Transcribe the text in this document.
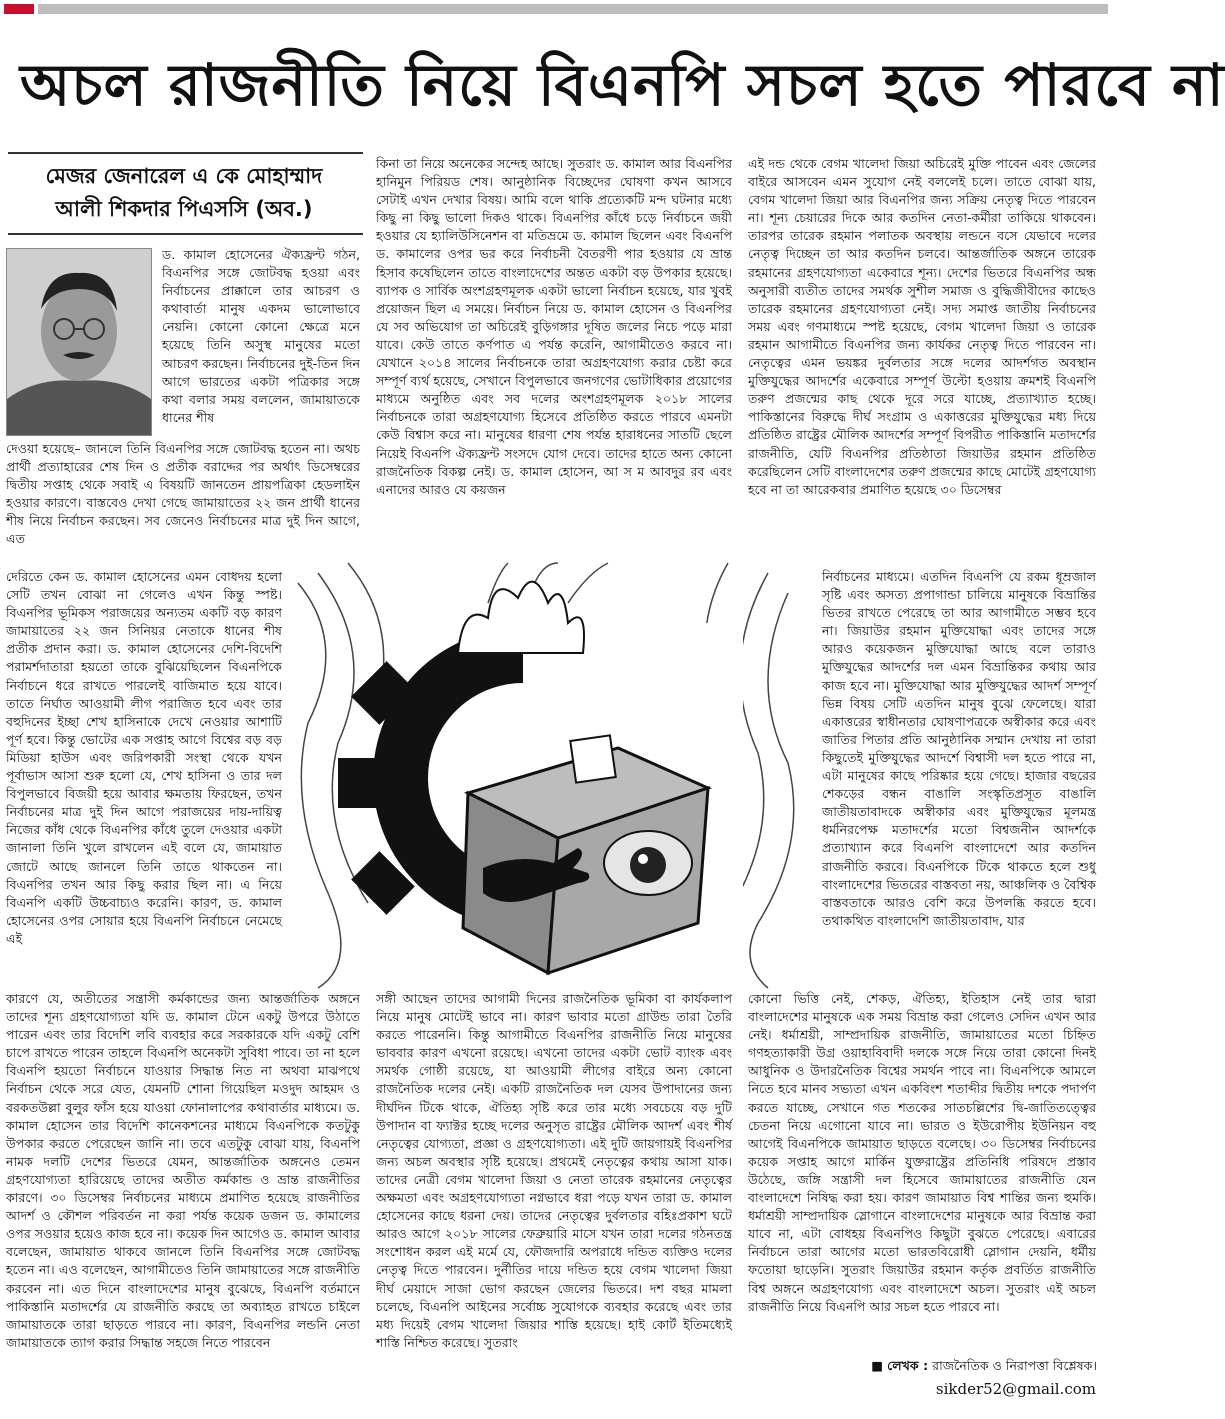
অচল রাজনীতি নিয়ে বিএনপি সচল হতে পারবে না
মেজর জেনারেল এ কে মোহাম্মাদ
আলী শিকদার পিএসসি (অব.)

ড. কামাল হোসেনের ঐক্যফ্রন্ট গঠন, বিএনপির সঙ্গে জোটবদ্ধ হওয়া এবং নির্বাচনের প্রাক্কালে তার আচরণ ও কথাবার্তা মানুষ একদম ভালোভাবে নেয়নি। কোনো কোনো ক্ষেত্রে মনে হয়েছে তিনি অসুস্থ মানুষের মতো আচরণ করছেন। নির্বাচনের দুই-তিন দিন আগে ভারতের একটা পত্রিকার সঙ্গে কথা বলার সময় বললেন, জামায়াতকে ধানের শীষ

দেওয়া হয়েছে– জানলে তিনি বিএনপির সঙ্গে জোটবদ্ধ হতেন না। অথচ প্রার্থী প্রত্যাহারের শেষ দিন ও প্রতীক বরাদ্দের পর অর্থাৎ ডিসেম্বরের দ্বিতীয় সপ্তাহ থেকে সবাই এ বিষয়টি জানতেন প্রায়পত্রিকা হেডলাইন হওয়ার কারণে। বাস্তবেও দেখা গেছে জামায়াতের ২২ জন প্রার্থী ধানের শীষ নিয়ে নির্বাচন করছেন। সব জেনেও নির্বাচনের মাত্র দুই দিন আগে, এত

দেরিতে কেন ড. কামাল হোসেনের এমন বোধদয় হলো সেটি তখন বোঝা না গেলেও এখন কিন্তু স্পষ্ট। বিএনপির ভূমিকস পরাজয়ের অন্যতম একটি বড় কারণ জামায়াতের ২২ জন সিনিয়র নেতাকে ধানের শীষ প্রতীক প্রদান করা। ড. কামাল হোসেনের দেশি-বিদেশি পরামর্শদাতারা হয়তো তাকে বুঝিয়েছিলেন বিএনপিকে নির্বাচনে ধরে রাখতে পারলেই বাজিমাত হয়ে যাবে। তাতে নির্ঘাত আওয়ামী লীগ পরাজিত হবে এবং তার বহুদিনের ইচ্ছা শেখ হাসিনাকে দেখে নেওয়ার আশাটি পূর্ণ হবে। কিন্তু ভোটের এক সপ্তাহ আগে বিশ্বের বড় বড় মিডিয়া হাউস এবং জরিপকারী সংস্থা থেকে যখন পূর্বাভাস আসা শুরু হলো যে, শেখ হাসিনা ও তার দল বিপুলভাবে বিজয়ী হয়ে আবার ক্ষমতায় ফিরছেন, তখন নির্বাচনের মাত্র দুই দিন আগে পরাজয়ের দায়-দায়িত্ব নিজের কাঁধ থেকে বিএনপির কাঁধে তুলে দেওয়ার একটা জানালা তিনি খুলে রাখলেন এই বলে যে, জামায়াত জোটে আছে জানলে তিনি তাতে থাকতেন না। বিএনপির তখন আর কিছু করার ছিল না। এ নিয়ে বিএনপি একটি উচ্চবাচ্যও করেনি। কারণ, ড. কামাল হোসেনের ওপর সোয়ার হয়ে বিএনপি নির্বাচনে নেমেছে এই

কারণে যে, অতীতের সন্ত্রাসী কর্মকান্ডের জন্য আন্তর্জাতিক অঙ্গনে তাদের শূন্য গ্রহণযোগ্যতা যদি ড. কামাল টেনে একটু উপরে উঠাতে পারেন এবং তার বিদেশি লবি ব্যবহার করে সরকারকে যদি একটু বেশি চাপে রাখতে পারেন তাহলে বিএনপি অনেকটা সুবিধা পাবে। তা না হলে বিএনপি হয়তো নির্বাচনে যাওয়ার সিদ্ধান্ত নিত না অথবা মাঝপথে নির্বাচন থেকে সরে যেত, যেমনটি শোনা গিয়েছিল মওদুদ আহমদ ও বরকতউল্লা বুলুর ফাঁস হয়ে যাওয়া ফোনালাপের কথাবার্তার মাধ্যমে। ড. কামাল হোসেন তার বিদেশি কানেকশনের মাধ্যমে বিএনপিকে কতটুকু উপকার করতে পেরেছেন জানি না। তবে এতটুকু বোঝা যায়, বিএনপি নামক দলটি দেশের ভিতরে যেমন, আন্তর্জাতিক অঙ্গনেও তেমন গ্রহণযোগ্যতা হারিয়েছে তাদের অতীত কর্মকান্ড ও ভ্রান্ত রাজনীতির কারণে। ৩০ ডিসেম্বর নির্বাচনের মাধ্যমে প্রমাণিত হয়েছে রাজনীতির আদর্শ ও কৌশল পরিবর্তন না করা পর্যন্ত কয়েক ডজন ড. কামালের ওপর সওয়ার হয়েও কাজ হবে না। কয়েক দিন আগেও ড. কামাল আবার বলেছেন, জামায়াত থাকবে জানলে তিনি বিএনপির সঙ্গে জোটবদ্ধ হতেন না। এও বলেছেন, আগামীতেও তিনি জামায়াতের সঙ্গে রাজনীতি করবেন না। এত দিনে বাংলাদেশের মানুষ বুঝেছে, বিএনপি বর্তমানে পাকিস্তানি মতাদর্শের যে রাজনীতি করছে তা অব্যাহত রাখতে চাইলে জামায়াতকে তারা ছাড়তে পারবে না। কারণ, বিএনপির লন্ডনি নেতা জামায়াতকে ত্যাগ করার সিদ্ধান্ত সহজে নিতে পারবেন

কিনা তা নিয়ে অনেকের সন্দেহ আছে। সুতরাং ড. কামাল আর বিএনপির হানিমুন পিরিয়ড শেষ। আনুষ্ঠানিক বিচ্ছেদের ঘোষণা কখন আসবে সেটাই এখন দেখার বিষয়। আমি বলে থাকি প্রত্যেকটি মন্দ ঘটনার মধ্যে কিছু না কিছু ভালো দিকও থাকে। বিএনপির কাঁধে চড়ে নির্বাচনে জয়ী হওয়ার যে হ্যালিউসিনেশন বা মতিভ্রমে ড. কামাল ছিলেন এবং বিএনপি ড. কামালের ওপর ভর করে নির্বাচনী বৈতরণী পার হওয়ার যে ভ্রান্ত হিসাব কষেছিলেন তাতে বাংলাদেশের অন্তত একটা বড় উপকার হয়েছে। ব্যাপক ও সার্বিক অংশগ্রহণমূলক একটা ভালো নির্বাচন হয়েছে, যার খুবই প্রয়োজন ছিল এ সময়ে। নির্বাচন নিয়ে ড. কামাল হোসেন ও বিএনপির যে সব অভিযোগ তা অচিরেই বুড়িগঙ্গার দূষিত জলের নিচে পড়ে মারা যাবে। কেউ তাতে কর্ণপাত এ পর্যন্ত করেনি, আগামীতেও করবে না। যেখানে ২০১৪ সালের নির্বাচনকে তারা অগ্রহণযোগ্য করার চেষ্টা করে সম্পূর্ণ ব্যর্থ হয়েছে, সেখানে বিপুলভাবে জনগণের ভোটাধিকার প্রয়োগের মাধ্যমে অনুষ্ঠিত এবং সব দলের অংশগ্রহণমূলক ২০১৮ সালের নির্বাচনকে তারা অগ্রহণযোগ্য হিসেবে প্রতিষ্ঠিত করতে পারবে এমনটা কেউ বিশ্বাস করে না। মানুষের ধারণা শেষ পর্যন্ত হারাধনের সাতটি ছেলে নিয়েই বিএনপি ঐক্যফ্রন্ট সংসদে যোগ দেবে। তাদের হাতে অন্য কোনো রাজনৈতিক বিকল্প নেই। ড. কামাল হোসেন, আ স ম আবদুর রব এবং এনাদের আরও যে কয়জন

সঙ্গী আছেন তাদের আগামী দিনের রাজনৈতিক ভূমিকা বা কার্যকলাপ নিয়ে মানুষ মোটেই ভাবে না। কারণ ভাবার মতো গ্রাউন্ড তারা তৈরি করতে পারেননি। কিন্তু আগামীতে বিএনপির রাজনীতি নিয়ে মানুষের ভাববার কারণ এখনো রয়েছে। এখনো তাদের একটা ভোট ব্যাংক এবং সমর্থক গোষ্ঠী রয়েছে, যা আওয়ামী লীগের বাইরে অন্য কোনো রাজনৈতিক দলের নেই। একটি রাজনৈতিক দল যেসব উপাদানের জন্য দীর্ঘদিন টিকে থাকে, ঐতিহ্য সৃষ্টি করে তার মধ্যে সবচেয়ে বড় দুটি উপাদান বা ফ্যাক্টর হচ্ছে দলের অনুসৃত রাষ্ট্রের মৌলিক আদর্শ এবং শীর্ষ নেতৃত্বের যোগ্যতা, প্রজ্ঞা ও গ্রহণযোগ্যতা। এই দুটি জায়গায়ই বিএনপির জন্য অচল অবস্থার সৃষ্টি হয়েছে। প্রথমেই নেতৃত্বের কথায় আসা যাক। তাদের নেত্রী বেগম খালেদা জিয়া ও নেতা তারেক রহমানের নেতৃত্বের অক্ষমতা এবং অগ্রহণযোগ্যতা নগ্নভাবে ধরা পড়ে যখন তারা ড. কামাল হোসেনের কাছে ধরনা দেয়। তাদের নেতৃত্বের দুর্বলতার বহিঃপ্রকাশ ঘটে আরও আগে ২০১৮ সালের ফেব্রুয়ারি মাসে যখন তারা দলের গঠনতন্ত্র সংশোধন করল এই মর্মে যে, ফৌজদারি অপরাধে দন্ডিত ব্যক্তিও দলের নেতৃত্ব দিতে পারবেন। দুর্নীতির দায়ে দন্ডিত হয়ে বেগম খালেদা জিয়া দীর্ঘ মেয়াদে সাজা ভোগ করছেন জেলের ভিতরে। দশ বছর মামলা চলেছে, বিএনপি আইনের সর্বোচ্চ সুযোগকে ব্যবহার করেছে এবং তার মধ্য দিয়েই বেগম খালেদা জিয়ার শাস্তি হয়েছে। হাই কোর্ট ইতিমধ্যেই শাস্তি নিশ্চিত করেছে। সুতরাং

এই দন্ড থেকে বেগম খালেদা জিয়া অচিরেই মুক্তি পাবেন এবং জেলের বাইরে আসবেন এমন সুযোগ নেই বললেই চলে। তাতে বোঝা যায়, বেগম খালেদা জিয়া আর বিএনপির জন্য সক্রিয় নেতৃত্ব দিতে পারবেন না। শূন্য চেয়ারের দিকে আর কতদিন নেতা-কর্মীরা তাকিয়ে থাকবেন। তারপর তারেক রহমান পলাতক অবস্থায় লন্ডনে বসে যেভাবে দলের নেতৃত্ব দিচ্ছেন তা আর কতদিন চলবে। আন্তর্জাতিক অঙ্গনে তারেক রহমানের গ্রহণযোগ্যতা একেবারে শূন্য। দেশের ভিতরে বিএনপির অন্ধ অনুসারী ব্যতীত তাদের সমর্থক সুশীল সমাজ ও বুদ্ধিজীবীদের কাছেও তারেক রহমানের গ্রহণযোগ্যতা নেই। সদ্য সমাপ্ত জাতীয় নির্বাচনের সময় এবং গণমাধ্যমে স্পষ্ট হয়েছে, বেগম খালেদা জিয়া ও তারেক রহমান আগামীতে বিএনপির জন্য কার্যকর নেতৃত্ব দিতে পারবেন না। নেতৃত্বের এমন ভয়ঙ্কর দুর্বলতার সঙ্গে দলের আদর্শগত অবস্থান মুক্তিযুদ্ধের আদর্শের একেবারে সম্পূর্ণ উল্টো হওয়ায় ক্রমশই বিএনপি তরুণ প্রজন্মের কাছ থেকে দূরে সরে যাচ্ছে, প্রত্যাখ্যাত হচ্ছে। পাকিস্তানের বিরুদ্ধে দীর্ঘ সংগ্রাম ও একাত্তরের মুক্তিযুদ্ধের মধ্য দিয়ে প্রতিষ্ঠিত রাষ্ট্রের মৌলিক আদর্শের সম্পূর্ণ বিপরীত পাকিস্তানি মতাদর্শের রাজনীতি, যেটি বিএনপির প্রতিষ্ঠাতা জিয়াউর রহমান প্রতিষ্ঠিত করেছিলেন সেটি বাংলাদেশের তরুণ প্রজন্মের কাছে মোটেই গ্রহণযোগ্য হবে না তা আরেকবার প্রমাণিত হয়েছে ৩০ ডিসেম্বর

নির্বাচনের মাধ্যমে। এতদিন বিএনপি যে রকম ধূম্রজাল সৃষ্টি এবং অসত্য প্রপাগান্ডা চালিয়ে মানুষকে বিভ্রান্তির ভিতর রাখতে পেরেছে তা আর আগামীতে সম্ভব হবে না। জিয়াউর রহমান মুক্তিযোদ্ধা এবং তাদের সঙ্গে আরও কয়েকজন মুক্তিযোদ্ধা আছে বলে তারাও মুক্তিযুদ্ধের আদর্শের দল এমন বিভ্রান্তিকর কথায় আর কাজ হবে না। মুক্তিযোদ্ধা আর মুক্তিযুদ্ধের আদর্শ সম্পূর্ণ ভিন্ন বিষয় সেটি এতদিন মানুষ বুঝে ফেলেছে। যারা একাত্তরের স্বাধীনতার ঘোষণাপত্রকে অস্বীকার করে এবং জাতির পিতার প্রতি আনুষ্ঠানিক সম্মান দেখায় না তারা কিছুতেই মুক্তিযুদ্ধের আদর্শে বিশ্বাসী দল হতে পারে না, এটা মানুষের কাছে পরিষ্কার হয়ে গেছে। হাজার বছরের শেকড়ের বন্ধন বাঙালি সংস্কৃতিপ্রসূত বাঙালি জাতীয়তাবাদকে অস্বীকার এবং মুক্তিযুদ্ধের মূলমন্ত্র ধর্মনিরপেক্ষ মতাদর্শের মতো বিশ্বজনীন আদর্শকে প্রত্যাখ্যান করে বিএনপি বাংলাদেশে আর কতদিন রাজনীতি করবে। বিএনপিকে টিকে থাকতে হলে শুধু বাংলাদেশের ভিতরের বাস্তবতা নয়, আঞ্চলিক ও বৈশ্বিক বাস্তবতাকে আরও বেশি করে উপলব্ধি করতে হবে। তথাকথিত বাংলাদেশি জাতীয়তাবাদ, যার

কোনো ভিত্তি নেই, শেকড়, ঐতিহ্য, ইতিহাস নেই তার দ্বারা বাংলাদেশের মানুষকে এক সময় বিভ্রান্ত করা গেলেও সেদিন এখন আর নেই। ধর্মাশ্রয়ী, সাম্প্রদায়িক রাজনীতি, জামায়াতের মতো চিহ্নিত গণহত্যাকারী উগ্র ওয়াহাবিবাদী দলকে সঙ্গে নিয়ে তারা কোনো দিনই আধুনিক ও উদারনৈতিক বিশ্বের সমর্থন পাবে না। বিএনপিকে আমলে নিতে হবে মানব সভ্যতা এখন একবিংশ শতাব্দীর দ্বিতীয় দশকে পদার্পণ করতে যাচ্ছে, সেখানে গত শতকের সাতচল্লিশের দ্বি-জাতিতত্ত্বের চেতনা নিয়ে এগোনো যাবে না। ভারত ও ইউরোপীয় ইউনিয়ন বহু আগেই বিএনপিকে জামায়াত ছাড়তে বলেছে। ৩০ ডিসেম্বর নির্বাচনের কয়েক সপ্তাহ আগে মার্কিন যুক্তরাষ্ট্রের প্রতিনিধি পরিষদে প্রস্তাব উঠেছে, জঙ্গি সন্ত্রাসী দল হিসেবে জামায়াতের রাজনীতি যেন বাংলাদেশে নিষিদ্ধ করা হয়। কারণ জামায়াত বিশ্ব শান্তির জন্য হুমকি। ধর্মাশ্রয়ী সাম্প্রদায়িক স্লোগানে বাংলাদেশের মানুষকে আর বিভ্রান্ত করা যাবে না, এটা বোধহয় বিএনপিও কিছুটা বুঝতে পেরেছে। এবারের নির্বাচনে তারা আগের মতো ভারতবিরোধী স্লোগান দেয়নি, ধর্মীয় ফতোয়া ছাড়েনি। সুতরাং জিয়াউর রহমান কর্তৃক প্রবর্তিত রাজনীতি বিশ্ব অঙ্গনে অগ্রহণযোগ্য এবং বাংলাদেশে অচল। সুতরাং এই অচল রাজনীতি নিয়ে বিএনপি আর সচল হতে পারবে না।

■ লেখক : রাজনৈতিক ও নিরাপত্তা বিশ্লেষক।
sikder52@gmail.com
